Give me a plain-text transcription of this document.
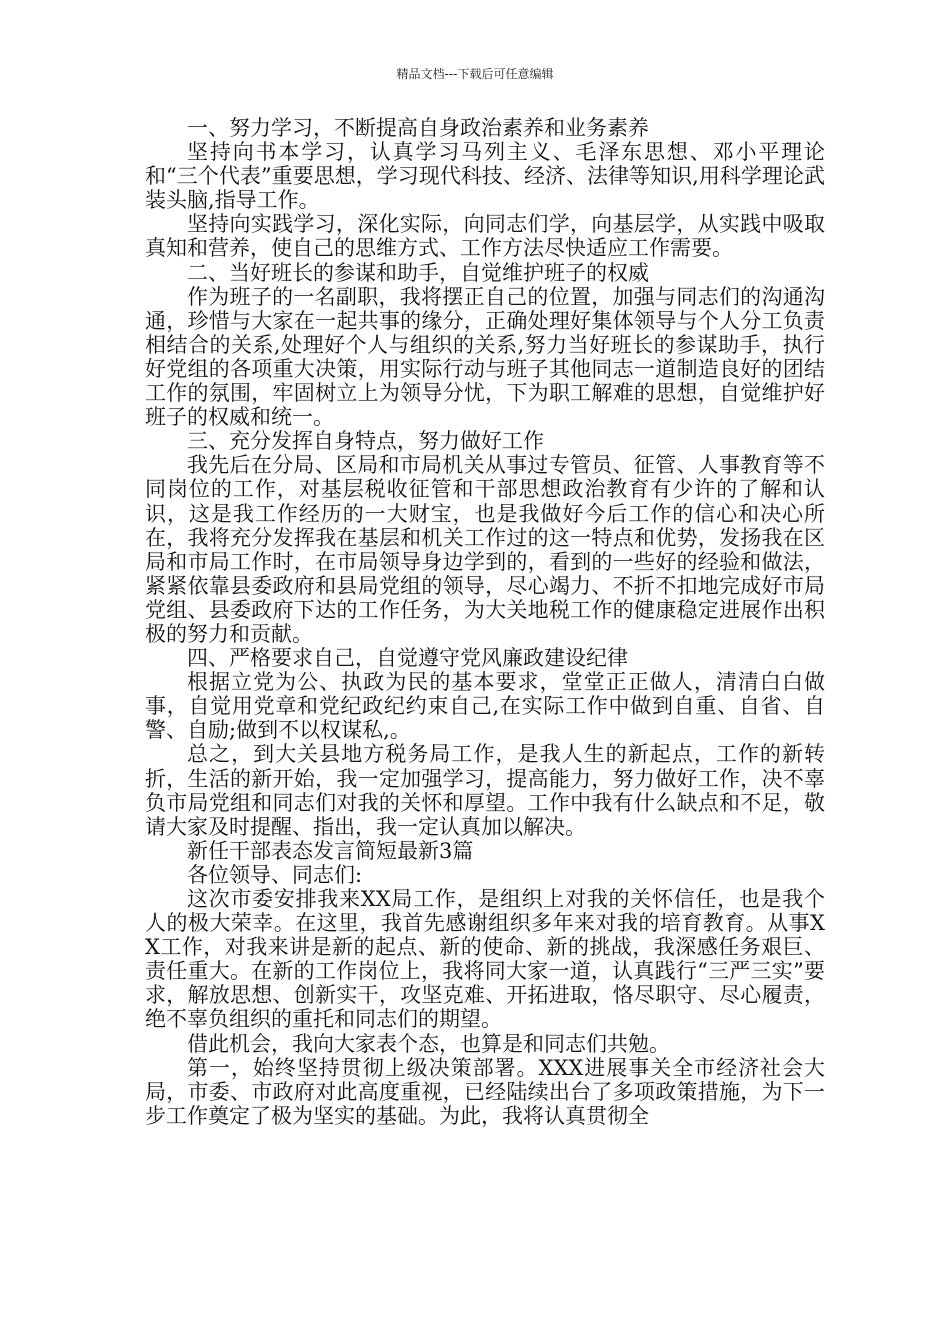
精品文档---下载后可任意编辑

一、努力学习，不断提高自身政治素养和业务素养

坚持向书本学习，认真学习马列主义、毛泽东思想、邓小平理论和“三个代表”重要思想，学习现代科技、经济、法律等知识,用科学理论武装头脑,指导工作。

坚持向实践学习，深化实际，向同志们学，向基层学，从实践中吸取真知和营养，使自己的思维方式、工作方法尽快适应工作需要。

二、当好班长的参谋和助手，自觉维护班子的权威

作为班子的一名副职，我将摆正自己的位置，加强与同志们的沟通沟通，珍惜与大家在一起共事的缘分，正确处理好集体领导与个人分工负责相结合的关系,处理好个人与组织的关系,努力当好班长的参谋助手，执行好党组的各项重大决策，用实际行动与班子其他同志一道制造良好的团结工作的氛围，牢固树立上为领导分忧，下为职工解难的思想，自觉维护好班子的权威和统一。

三、充分发挥自身特点，努力做好工作

我先后在分局、区局和市局机关从事过专管员、征管、人事教育等不同岗位的工作，对基层税收征管和干部思想政治教育有少许的了解和认识，这是我工作经历的一大财宝，也是我做好今后工作的信心和决心所在，我将充分发挥我在基层和机关工作过的这一特点和优势，发扬我在区局和市局工作时，在市局领导身边学到的，看到的一些好的经验和做法，紧紧依靠县委政府和县局党组的领导，尽心竭力、不折不扣地完成好市局党组、县委政府下达的工作任务，为大关地税工作的健康稳定进展作出积极的努力和贡献。

四、严格要求自己，自觉遵守党风廉政建设纪律

根据立党为公、执政为民的基本要求，堂堂正正做人，清清白白做事，自觉用党章和党纪政纪约束自己,在实际工作中做到自重、自省、自警、自励;做到不以权谋私,。

总之，到大关县地方税务局工作，是我人生的新起点，工作的新转折，生活的新开始，我一定加强学习，提高能力，努力做好工作，决不辜负市局党组和同志们对我的关怀和厚望。工作中我有什么缺点和不足，敬请大家及时提醒、指出，我一定认真加以解决。

新任干部表态发言简短最新3篇

各位领导、同志们:

这次市委安排我来XX局工作，是组织上对我的关怀信任，也是我个人的极大荣幸。在这里，我首先感谢组织多年来对我的培育教育。从事XX工作，对我来讲是新的起点、新的使命、新的挑战，我深感任务艰巨、责任重大。在新的工作岗位上，我将同大家一道，认真践行“三严三实”要求，解放思想、创新实干，攻坚克难、开拓进取，恪尽职守、尽心履责，绝不辜负组织的重托和同志们的期望。

借此机会，我向大家表个态，也算是和同志们共勉。

第一，始终坚持贯彻上级决策部署。XXX进展事关全市经济社会大局，市委、市政府对此高度重视，已经陆续出台了多项政策措施，为下一步工作奠定了极为坚实的基础。为此，我将认真贯彻全
